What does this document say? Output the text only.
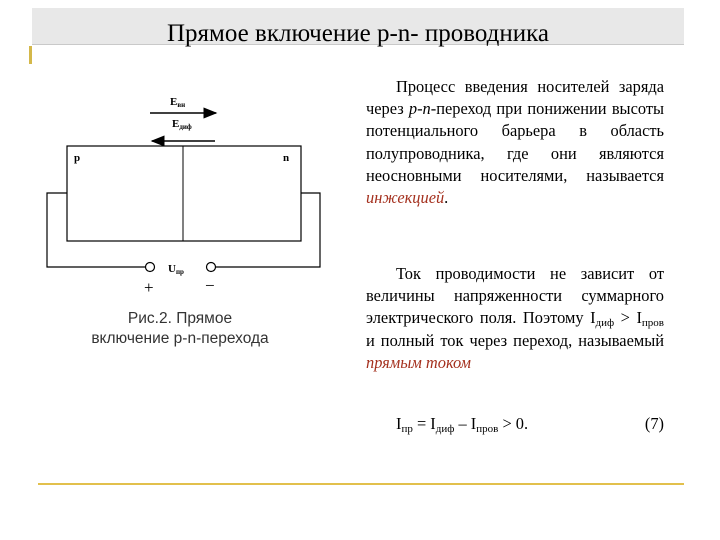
Прямое включение p-n- проводника
Eвн
Eдиф
p	n
Uпр
+	−
Рис.2. Прямое
включение p-n-перехода
Процесс введения носителей заряда через p-n-переход при понижении высоты потенциального барьера в область полупроводника, где они являются неосновными носителями, называется инжекцией.
Ток проводимости не зависит от величины напряженности суммарного электрического поля. Поэтому $I_{диф} > I_{пров}$ и полный ток через переход, называемый прямым током
$I_{пр} = I_{диф} - I_{пров} > 0$.	(7)
